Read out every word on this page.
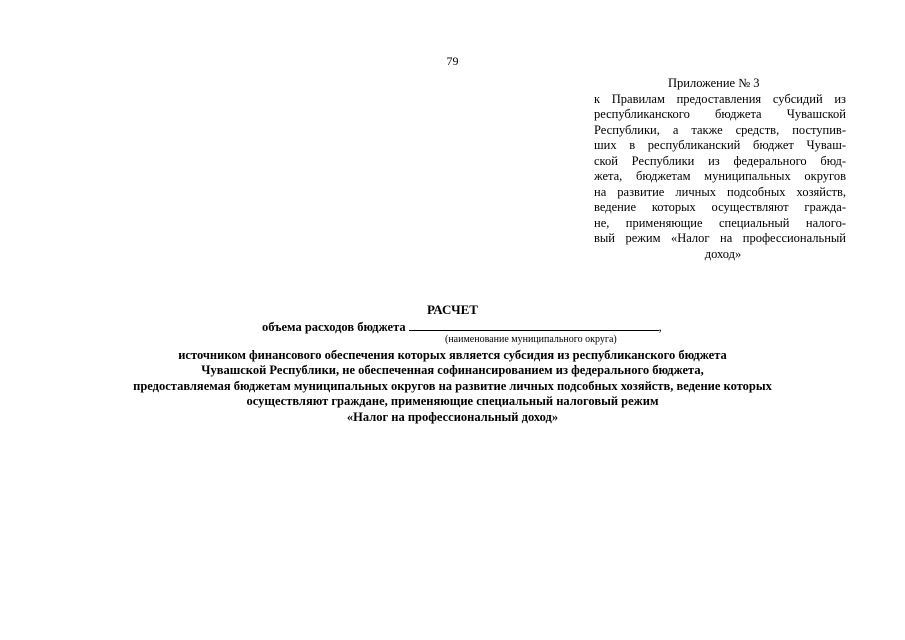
79
Приложение № 3
к Правилам предоставления субсидий из
республиканского бюджета Чувашской
Республики, а также средств, поступив-
ших в республиканский бюджет Чуваш-
ской Республики из федерального бюд-
жета, бюджетам муниципальных округов
на развитие личных подсобных хозяйств,
ведение которых осуществляют гражда-
не, применяющие специальный налого-
вый режим «Налог на профессиональный
доход»
РАСЧЕТ
объема расходов бюджета	,
(наименование муниципального округа)
источником финансового обеспечения которых является субсидия из республиканского бюджета
Чувашской Республики, не обеспеченная софинансированием из федерального бюджета,
предоставляемая бюджетам муниципальных округов на развитие личных подсобных хозяйств, ведение которых
осуществляют граждане, применяющие специальный налоговый режим
«Налог на профессиональный доход»
